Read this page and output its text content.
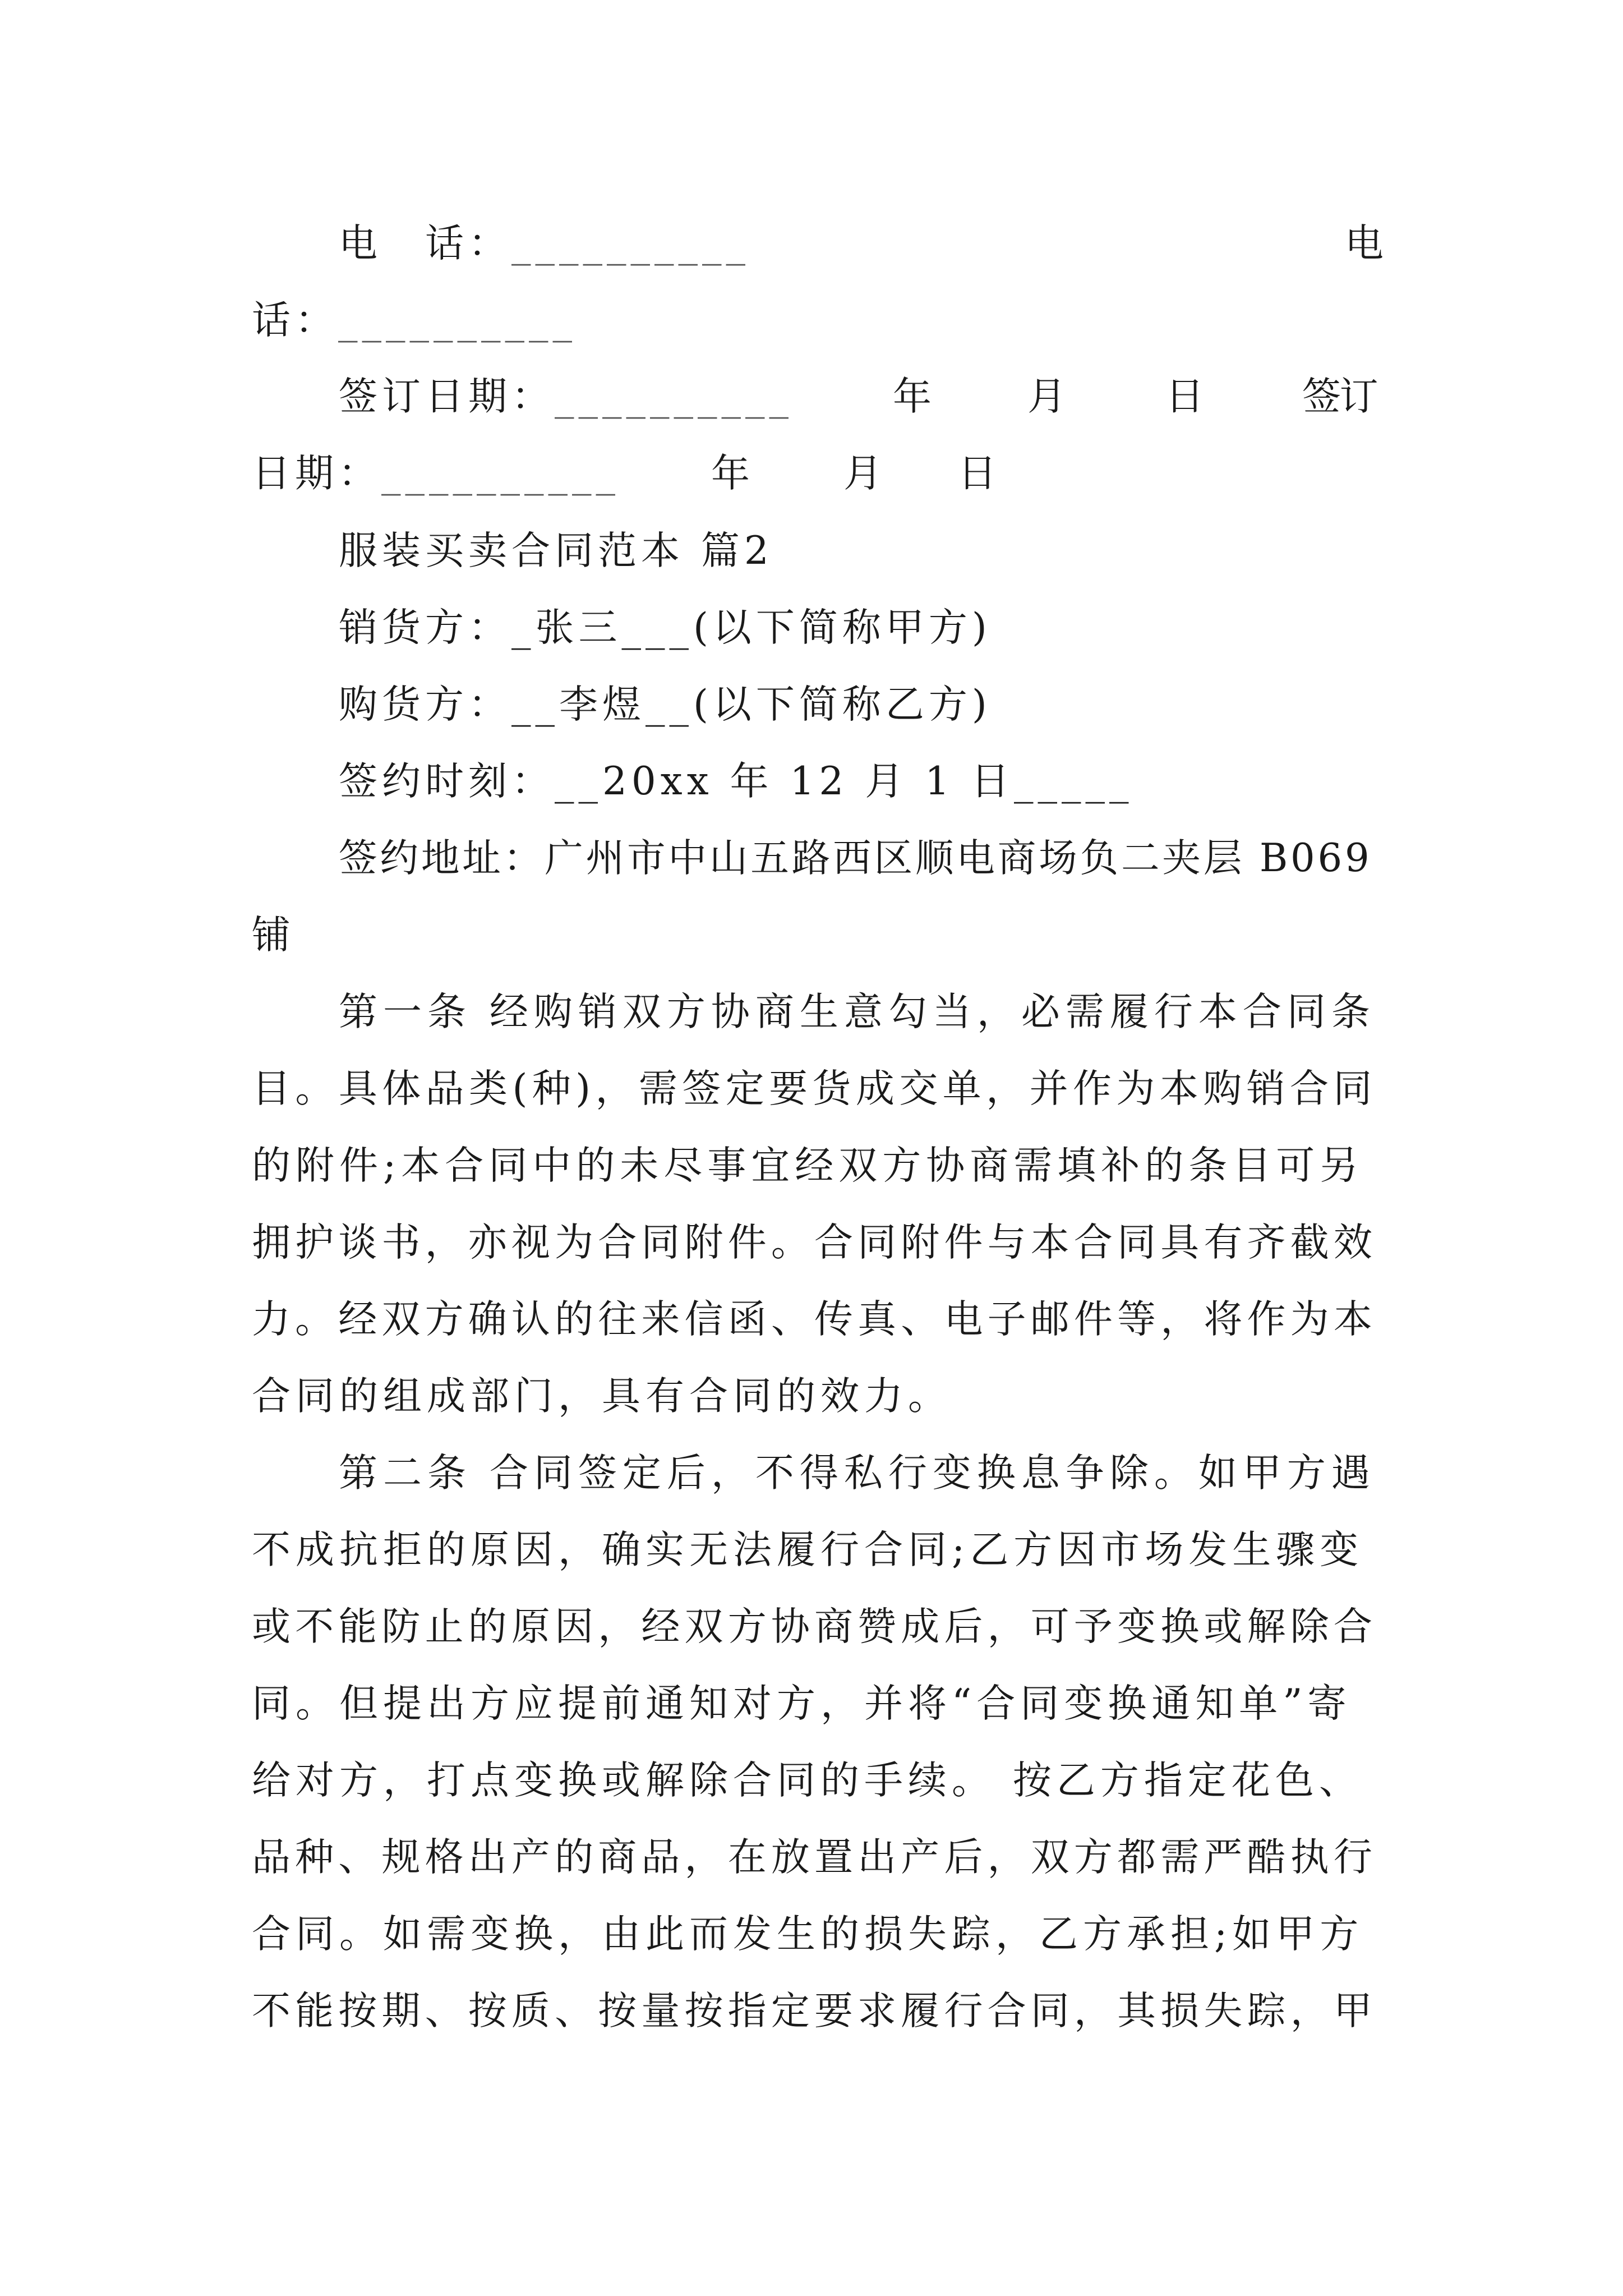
电　话：__________	电
话：__________
签订日期：__________	年 月 日 签订
日期：__________ 年 月 日
服装买卖合同范本 篇2
销货方：_张三___(以下简称甲方)
购货方：__李煜__(以下简称乙方)
签约时刻：__20xx 年 12 月 1 日_____
签约地址：广州市中山五路西区顺电商场负二夹层 B069
铺
第一条 经购销双方协商生意勾当，必需履行本合同条
目。具体品类(种)，需签定要货成交单，并作为本购销合同
的附件;本合同中的未尽事宜经双方协商需填补的条目可另
拥护谈书，亦视为合同附件。合同附件与本合同具有齐截效
力。经双方确认的往来信函、传真、电子邮件等，将作为本
合同的组成部门，具有合同的效力。
第二条 合同签定后，不得私行变换息争除。如甲方遇
不成抗拒的原因，确实无法履行合同;乙方因市场发生骤变
或不能防止的原因，经双方协商赞成后，可予变换或解除合
同。但提出方应提前通知对方，并将“合同变换通知单”寄
给对方，打点变换或解除合同的手续。 按乙方指定花色、
品种、规格出产的商品，在放置出产后，双方都需严酷执行
合同。如需变换，由此而发生的损失踪，乙方承担;如甲方
不能按期、按质、按量按指定要求履行合同，其损失踪，甲
